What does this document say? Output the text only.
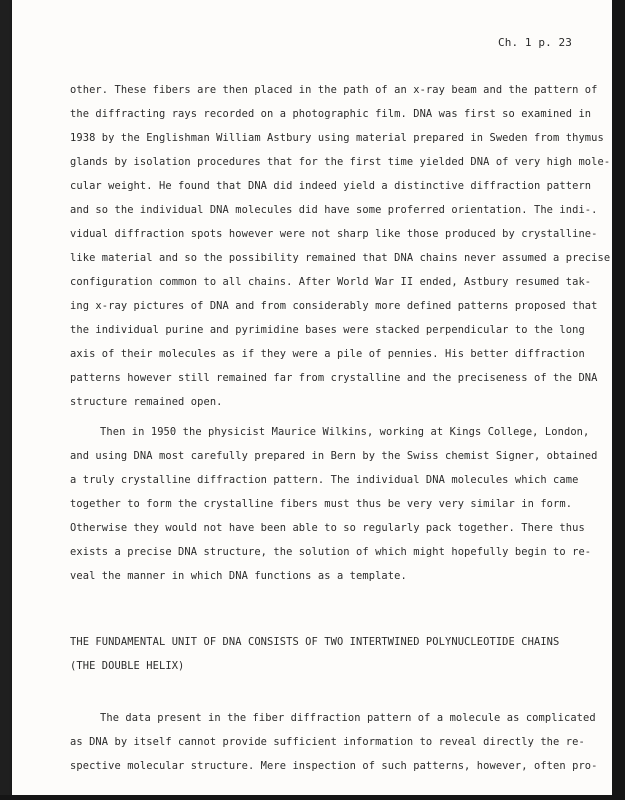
Ch. 1 p. 23

other. These fibers are then placed in the path of an x-ray beam and the pattern of

the diffracting rays recorded on a photographic film. DNA was first so examined in

1938 by the Englishman William Astbury using material prepared in Sweden from thymus

glands by isolation procedures that for the first time yielded DNA of very high mole-

cular weight. He found that DNA did indeed yield a distinctive diffraction pattern

and so the individual DNA molecules did have some proferred orientation. The indi-.

vidual diffraction spots however were not sharp like those produced by crystalline-

like material and so the possibility remained that DNA chains never assumed a precise

configuration common to all chains. After World War II ended, Astbury resumed tak-

ing x-ray pictures of DNA and from considerably more defined patterns proposed that

the individual purine and pyrimidine bases were stacked perpendicular to the long

axis of their molecules as if they were a pile of pennies. His better diffraction

patterns however still remained far from crystalline and the preciseness of the DNA

structure remained open.

Then in 1950 the physicist Maurice Wilkins, working at Kings College, London,

and using DNA most carefully prepared in Bern by the Swiss chemist Signer, obtained

a truly crystalline diffraction pattern. The individual DNA molecules which came

together to form the crystalline fibers must thus be very very similar in form.

Otherwise they would not have been able to so regularly pack together. There thus

exists a precise DNA structure, the solution of which might hopefully begin to re-

veal the manner in which DNA functions as a template.

THE FUNDAMENTAL UNIT OF DNA CONSISTS OF TWO INTERTWINED POLYNUCLEOTIDE CHAINS

(THE DOUBLE HELIX)

The data present in the fiber diffraction pattern of a molecule as complicated

as DNA by itself cannot provide sufficient information to reveal directly the re-

spective molecular structure. Mere inspection of such patterns, however, often pro-
